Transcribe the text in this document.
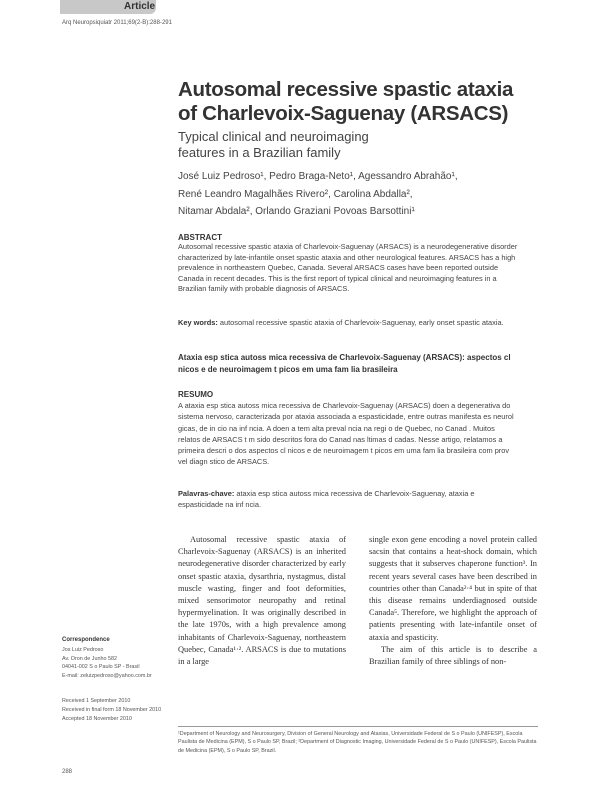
Article
Arq Neuropsiquiatr 2011;69(2-B):288-291
Autosomal recessive spastic ataxia
of Charlevoix-Saguenay (ARSACS)
Typical clinical and neuroimaging
features in a Brazilian family
José Luiz Pedroso¹, Pedro Braga-Neto¹, Agessandro Abrahão¹,
René Leandro Magalhães Rivero², Carolina Abdalla²,
Nitamar Abdala², Orlando Graziani Povoas Barsottini¹
ABSTRACT
Autosomal recessive spastic ataxia of Charlevoix-Saguenay (ARSACS) is a neurodegenerative disorder characterized by late-infantile onset spastic ataxia and other neurological features. ARSACS has a high prevalence in northeastern Quebec, Canada. Several ARSACS cases have been reported outside Canada in recent decades. This is the first report of typical clinical and neuroimaging features in a Brazilian family with probable diagnosis of ARSACS.
Key words: autosomal recessive spastic ataxia of Charlevoix-Saguenay, early onset spastic ataxia.
Ataxia esp stica autoss mica recessiva de Charlevoix-Saguenay (ARSACS): aspectos cl nicos e de neuroimagem t picos em uma fam lia brasileira
RESUMO
A ataxia esp stica autoss mica recessiva de Charlevoix-Saguenay (ARSACS) doen a degenerativa do sistema nervoso, caracterizada por ataxia associada a espasticidade, entre outras manifesta es neurol gicas, de in cio na inf ncia. A doen a tem alta preval ncia na regi o de Quebec, no Canad . Muitos relatos de ARSACS t m sido descritos fora do Canad nas ltimas d cadas. Nesse artigo, relatamos a primeira descri o dos aspectos cl nicos e de neuroimagem t picos em uma fam lia brasileira com prov vel diagn stico de ARSACS.
Palavras-chave: ataxia esp stica autoss mica recessiva de Charlevoix-Saguenay, ataxia e espasticidade na inf ncia.

Autosomal recessive spastic ataxia of Charlevoix-Saguenay (ARSACS) is an inherited neurodegenerative disorder characterized by early onset spastic ataxia, dysarthria, nystagmus, distal muscle wasting, finger and foot deformities, mixed sensorimotor neuropathy and retinal hypermyelination. It was originally described in the late 1970s, with a high prevalence among inhabitants of Charlevoix-Saguenay, northeastern Quebec, Canada¹·². ARSACS is due to mutations in a large

single exon gene encoding a novel protein called sacsin that contains a heat-shock domain, which suggests that it subserves chaperone function³. In recent years several cases have been described in countries other than Canada²·⁴ but in spite of that this disease remains underdiagnosed outside Canada⁵. Therefore, we highlight the approach of patients presenting with late-infantile onset of ataxia and spasticity.

The aim of this article is to describe a Brazilian family of three siblings of non-

Correspondence
Jos Luiz Pedroso
Av. Oron de Junho 582
04041-002 S o Paulo SP - Brasil
E-mail: zeluizpedroso@yahoo.com.br
Received 1 September 2010
Received in final form 18 November 2010
Accepted 18 November 2010
¹Department of Neurology and Neurosurgery, Division of General Neurology and Ataxias, Universidade Federal de S o Paulo (UNIFESP), Escola Paulista de Medicina (EPM), S o Paulo SP, Brazil; ²Department of Diagnostic Imaging, Universidade Federal de S o Paulo (UNIFESP), Escola Paulista de Medicina (EPM), S o Paulo SP, Brazil.
288
